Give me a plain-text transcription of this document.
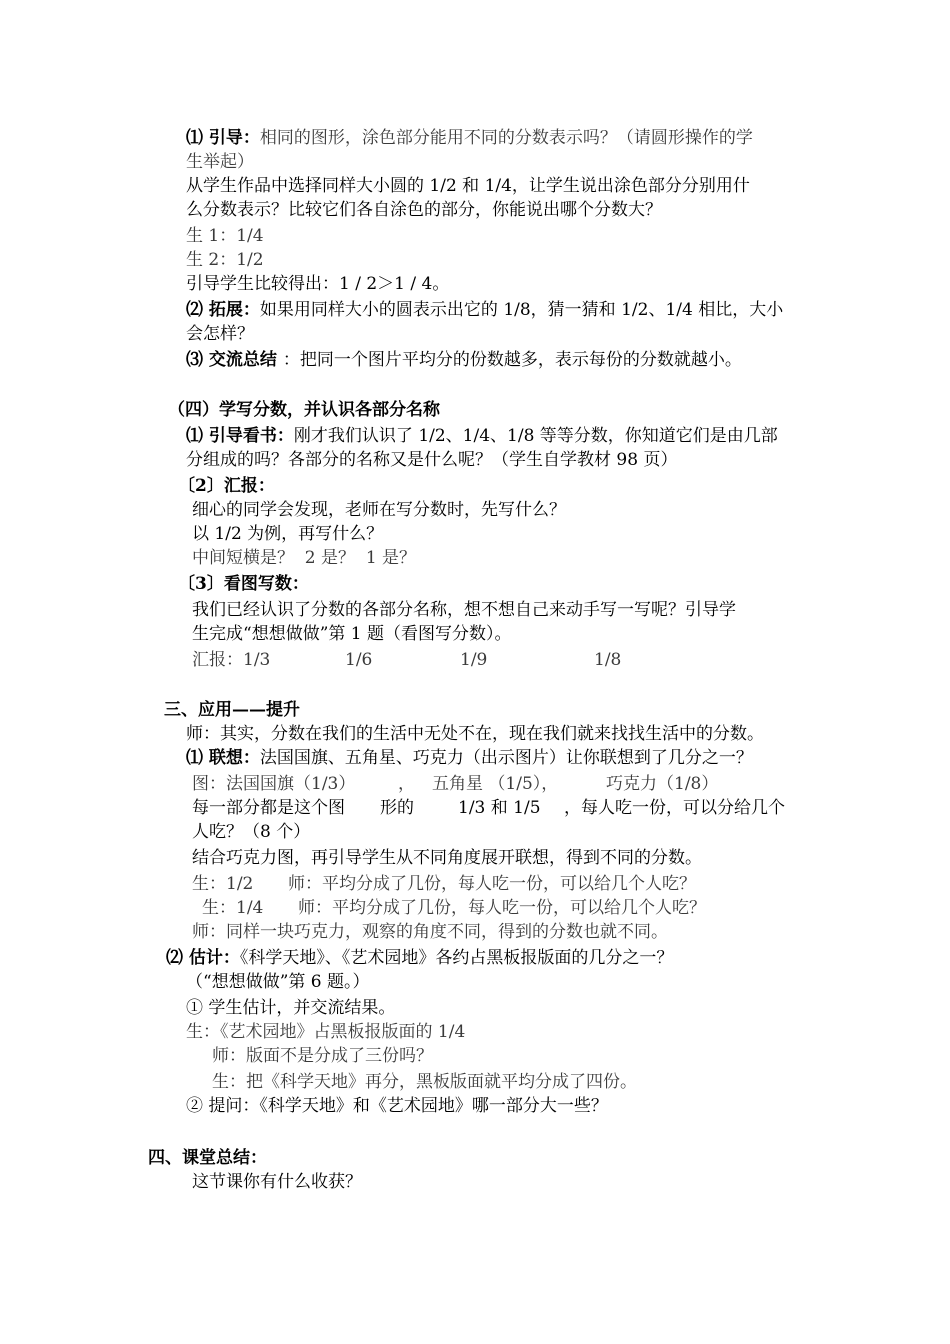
⑴ 引导：相同的图形，涂色部分能用不同的分数表示吗？（请圆形操作的学
生举起）
从学生作品中选择同样大小圆的 1/2 和 1/4，让学生说出涂色部分分别用什
么分数表示？比较它们各自涂色的部分，你能说出哪个分数大？
生 1：1/4
生 2：1/2
引导学生比较得出：1 / 2＞1 / 4。
⑵ 拓展：如果用同样大小的圆表示出它的 1/8，猜一猜和 1/2、1/4 相比，大小
会怎样？
⑶ 交流总结 ：把同一个图片平均分的份数越多，表示每份的分数就越小。
（四）学写分数，并认识各部分名称
⑴ 引导看书：刚才我们认识了 1/2、1/4、1/8 等等分数，你知道它们是由几部
分组成的吗？各部分的名称又是什么呢？（学生自学教材 98 页）
〔2〕汇报：
细心的同学会发现，老师在写分数时，先写什么？
以 1/2 为例，再写什么？
中间短横是？  2 是？  1 是？
〔3〕看图写数：
我们已经认识了分数的各部分名称，想不想自己来动手写一写呢？引导学
生完成“想想做做”第 1 题（看图写分数）。
汇报：1/3	1/6	1/9	1/8
三、应用——提升
师：其实，分数在我们的生活中无处不在，现在我们就来找找生活中的分数。
⑴ 联想：法国国旗、五角星、巧克力（出示图片）让你联想到了几分之一？
图：法国国旗（1/3）	， 五角星 （1/5），	巧克力（1/8）
每一部分都是这个图 形的	1/3 和 1/5 ，每人吃一份，可以分给几个
人吃？（8 个）
结合巧克力图，再引导学生从不同角度展开联想，得到不同的分数。
生：1/2 师：平均分成了几份，每人吃一份，可以给几个人吃？
生：1/4 师：平均分成了几份，每人吃一份，可以给几个人吃？
师：同样一块巧克力，观察的角度不同，得到的分数也就不同。
⑵ 估计：《科学天地》、《艺术园地》各约占黑板报版面的几分之一？
（“想想做做”第 6 题。）
① 学生估计，并交流结果。
生：《艺术园地》占黑板报版面的 1/4
师：版面不是分成了三份吗？
生：把《科学天地》再分，黑板版面就平均分成了四份。
② 提问：《科学天地》和《艺术园地》哪一部分大一些？
四、课堂总结：
这节课你有什么收获？
